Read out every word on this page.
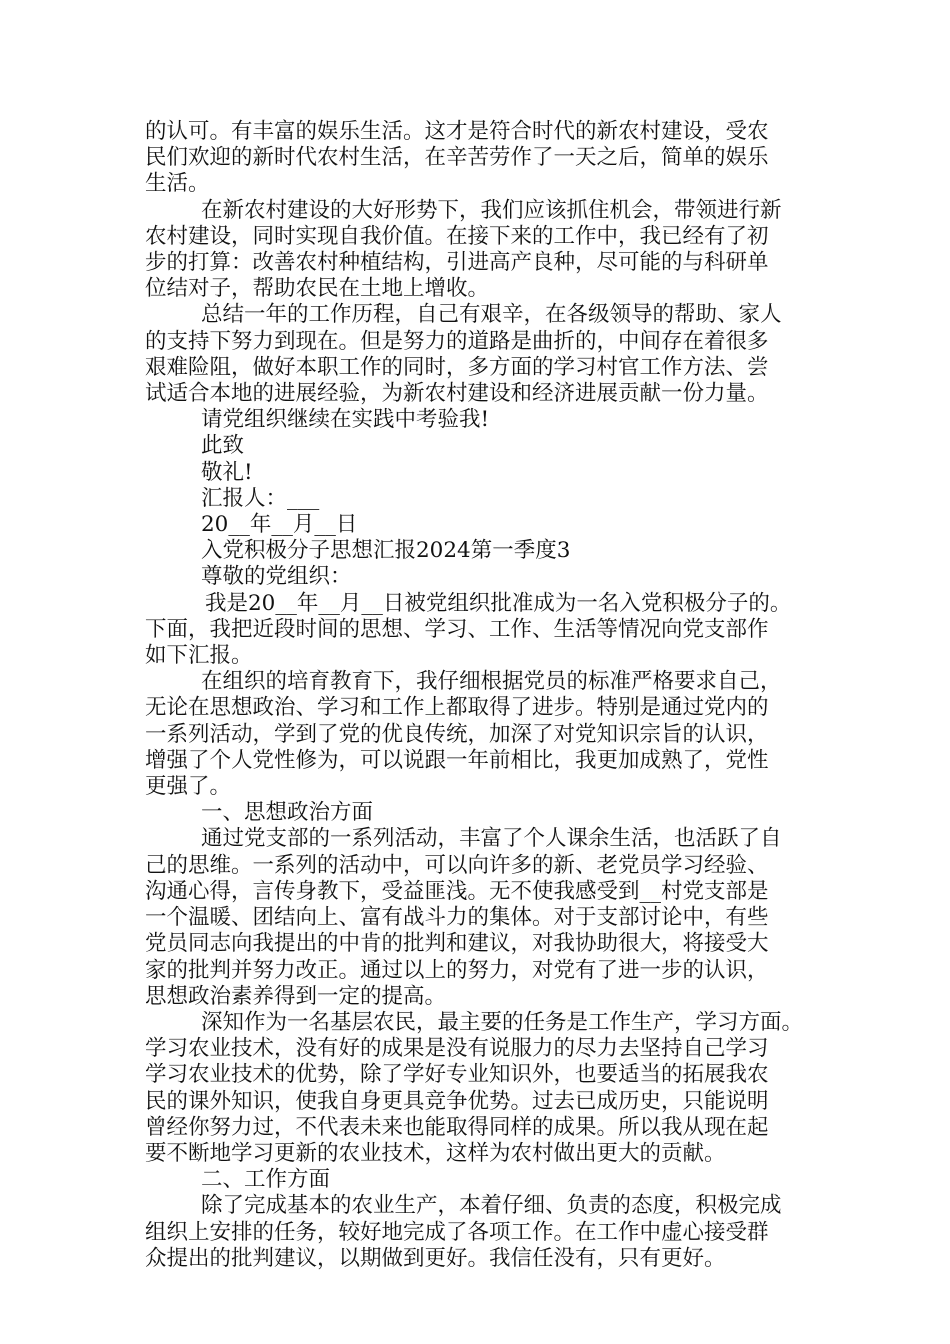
的认可。有丰富的娱乐生活。这才是符合时代的新农村建设，受农

民们欢迎的新时代农村生活，在辛苦劳作了一天之后，简单的娱乐

生活。

在新农村建设的大好形势下，我们应该抓住机会，带领进行新

农村建设，同时实现自我价值。在接下来的工作中，我已经有了初

步的打算：改善农村种植结构，引进高产良种，尽可能的与科研单

位结对子，帮助农民在土地上增收。

总结一年的工作历程，自己有艰辛，在各级领导的帮助、家人

的支持下努力到现在。但是努力的道路是曲折的，中间存在着很多

艰难险阻，做好本职工作的同时，多方面的学习村官工作方法、尝

试适合本地的进展经验，为新农村建设和经济进展贡献一份力量。

请党组织继续在实践中考验我!

此致

敬礼!

汇报人：___

20__年__月__日

入党积极分子思想汇报2024第一季度3

尊敬的党组织：

我是20__年__月__日被党组织批准成为一名入党积极分子的。

下面，我把近段时间的思想、学习、工作、生活等情况向党支部作

如下汇报。

在组织的培育教育下，我仔细根据党员的标准严格要求自己，

无论在思想政治、学习和工作上都取得了进步。特别是通过党内的

一系列活动，学到了党的优良传统，加深了对党知识宗旨的认识，

增强了个人党性修为，可以说跟一年前相比，我更加成熟了，党性

更强了。

一、思想政治方面

通过党支部的一系列活动，丰富了个人课余生活，也活跃了自

己的思维。一系列的活动中，可以向许多的新、老党员学习经验、

沟通心得，言传身教下，受益匪浅。无不使我感受到__村党支部是

一个温暖、团结向上、富有战斗力的集体。对于支部讨论中，有些

党员同志向我提出的中肯的批判和建议，对我协助很大，将接受大

家的批判并努力改正。通过以上的努力，对党有了进一步的认识，

思想政治素养得到一定的提高。

深知作为一名基层农民，最主要的任务是工作生产，学习方面。

学习农业技术，没有好的成果是没有说服力的尽力去坚持自己学习

学习农业技术的优势，除了学好专业知识外，也要适当的拓展我农

民的课外知识，使我自身更具竞争优势。过去已成历史，只能说明

曾经你努力过，不代表未来也能取得同样的成果。所以我从现在起

要不断地学习更新的农业技术，这样为农村做出更大的贡献。

二、工作方面

除了完成基本的农业生产，本着仔细、负责的态度，积极完成

组织上安排的任务，较好地完成了各项工作。在工作中虚心接受群

众提出的批判建议，以期做到更好。我信任没有，只有更好。
